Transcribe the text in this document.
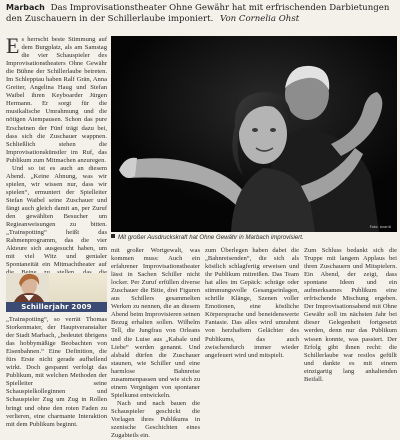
Marbach Das Improvisationstheater Ohne Gewähr hat mit erfrischenden Darbietungen den Zuschauern in der Schillerlaube imponiert. Von Cornelia Ohst

Es herrscht beste Stimmung auf dem Burgplatz, als am Samstag die vier Schauspieler des Improvisationstheaters Ohne Gewähr die Bühne der Schillerlaube betreten. Im Schlepptau haben Ralf Grän, Anna Greiter, Angelina Haug und Stefan Waibel ihren Keyboarder Jürgen Hermann. Er sorgt für die musikalische Umrahmung und die nötigen Atempausen. Schon das pure Erscheinen der Fünf trägt dazu bei, dass sich die Zuschauer wappnen. Schließlich stehen die Improvisationskünstler im Ruf, das Publikum zum Mitmachen anzuregen.

Und so ist es auch an diesem Abend. „Keine Ahnung, was wir spielen, wir wissen nur, dass wir spielen“, ermuntert der Spielleiter Stefan Waibel seine Zuschauer und fängt auch gleich damit an, per Zuruf den gewählten Besucher um Regieanweisungen zu bitten. „Trainspotting“ heißt das Rahmenprogramm, das die vier Akteure sich ausgesucht haben, um mit viel Witz und genialer Spontaneität ein Mitmachtheater auf

Foto: avanti
Mit großer Ausdruckskraft hat Ohne Gewähr in Marbach improvisiert.
Schillerjahr 2009

„Trainspotting“, so verrät Thomas Storkenmaier, der Hauptveranstalter der Stadt Marbach, „bedeutet übrigens das hobbymäßige Beobachten von Eisenbahnen.“ Eine Definition, die fürs Erste nicht gerade aufhellend wirkt. Doch gespannt verfolgt das Publikum, mit welchen Methoden der Spielleiter seine Schauspielkolleginnen und Schauspieler Zug um Zug in Rollen bringt und ohne den roten Faden zu verlieren, eine charmante Interaktion mit dem Publikum beginnt.

mit großer Wortgewalt, was kommen muss: Auch ein erfahrener Improvisationstheater lässt in Sachen Schiller nicht locker. Per Zuruf erfüllen diverse Zuschauer die Bitte, drei Figuren aus Schillers gesammelten Werken zu nennen, die an diesem Abend beim Improvisieren seinen Bezug erhalten sollen. Wilhelm Tell, die Jungfrau von Orleans und die Luise aus „Kabale und Liebe“ werden genannt. Und alsbald dürfen die Zuschauer staunen, wie Schiller und eine harmlose Bahnreise zusammenpassen und wie sich zu einem Vergnügen von spontaner Spielkunst entwickeln.

Nach und nach bauen die Schauspieler geschickt die Vorlagen ihres Publikums in szenische Geschichten eines Zugabteils ein.

zum Überlegen haben dabei die „Bahnreisenden“, die sich als köstlich schlagfertig erweisen und ihr Publikum mitreißen. Das Team hat alles im Gepäck: schräge oder stimmungsvolle Gesangseinlagen, schrille Klänge, Szenen voller Emotionen, eine köstliche Körpersprache und beneidenswerte Fantasie. Das alles wird umrahmt von herzhaftem Gelächter des Publikums, das auch zwischendurch immer wieder angefeuert wird und mitspielt.

Zum Schluss bedankt sich die Truppe mit langem Applaus bei ihren Zuschauern und Mitspielern. Ein Abend, der zeigt, dass spontane Ideen und ein aufmerksames Publikum eine erfrischende Mischung ergeben. Der Improvisationsabend mit Ohne Gewähr soll im nächsten Jahr bei dieser Gelegenheit fortgesetzt werden, denn nur das Publikum wissen konnte, was passiert. Der Erfolg gibt ihnen recht: die Schillerlaube war restlos gefüllt und dankte es mit einem einzigartig lang anhaltenden Beifall.
